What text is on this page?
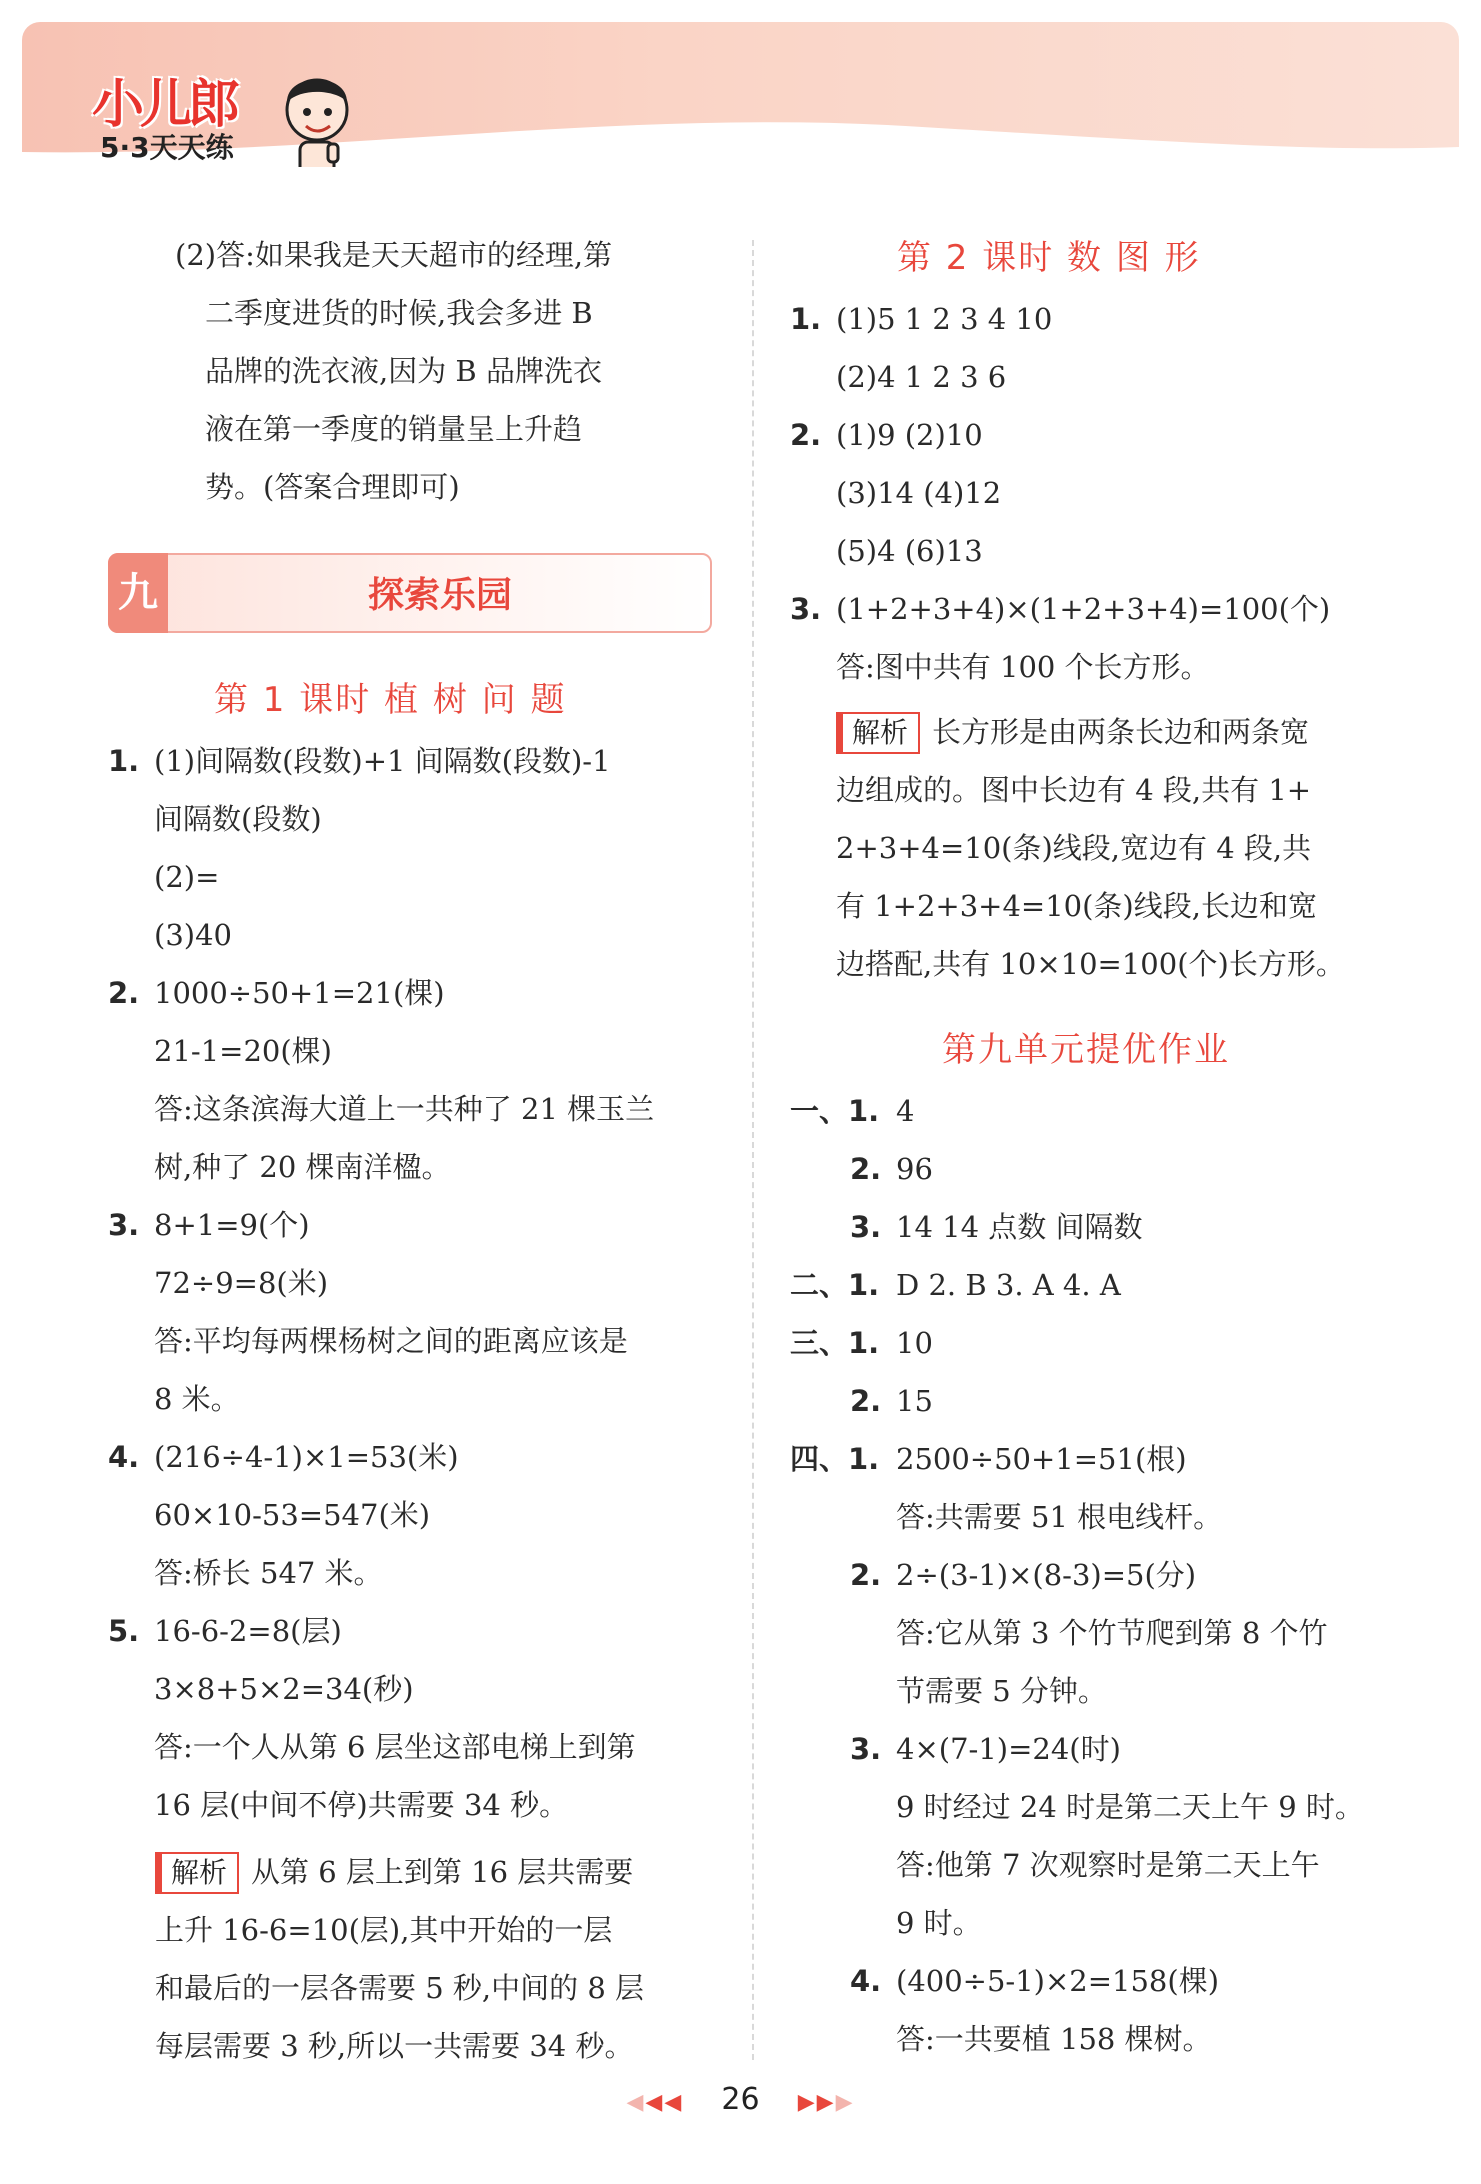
小儿郎
5·3天天练
(2)答:如果我是天天超市的经理,第
二季度进货的时候,我会多进 B
品牌的洗衣液,因为 B 品牌洗衣
液在第一季度的销量呈上升趋
势。(答案合理即可)
九	探索乐园
第 1 课时 植 树 问 题
1. (1)间隔数(段数)+1 间隔数(段数)-1
间隔数(段数)
(2)=
(3)40
2. 1000÷50+1=21(棵)
21-1=20(棵)
答:这条滨海大道上一共种了 21 棵玉兰
树,种了 20 棵南洋楹。
3. 8+1=9(个)
72÷9=8(米)
答:平均每两棵杨树之间的距离应该是
8 米。
4. (216÷4-1)×1=53(米)
60×10-53=547(米)
答:桥长 547 米。
5. 16-6-2=8(层)
3×8+5×2=34(秒)
答:一个人从第 6 层坐这部电梯上到第
16 层(中间不停)共需要 34 秒。
解析 从第 6 层上到第 16 层共需要
上升 16-6=10(层),其中开始的一层
和最后的一层各需要 5 秒,中间的 8 层
每层需要 3 秒,所以一共需要 34 秒。
第 2 课时 数 图 形
1. (1)5 1 2 3 4 10
(2)4 1 2 3 6
2. (1)9 (2)10
(3)14 (4)12
(5)4 (6)13
3. (1+2+3+4)×(1+2+3+4)=100(个)
答:图中共有 100 个长方形。
解析 长方形是由两条长边和两条宽
边组成的。图中长边有 4 段,共有 1+
2+3+4=10(条)线段,宽边有 4 段,共
有 1+2+3+4=10(条)线段,长边和宽
边搭配,共有 10×10=100(个)长方形。
第九单元提优作业
一、1. 4
2. 96
3. 14 14 点数 间隔数
二、1. D 2. B 3. A 4. A
三、1. 10
2. 15
四、1. 2500÷50+1=51(根)
答:共需要 51 根电线杆。
2. 2÷(3-1)×(8-3)=5(分)
答:它从第 3 个竹节爬到第 8 个竹
节需要 5 分钟。
3. 4×(7-1)=24(时)
9 时经过 24 时是第二天上午 9 时。
答:他第 7 次观察时是第二天上午
9 时。
4. (400÷5-1)×2=158(棵)
答:一共要植 158 棵树。
◀◀◀ 26 ▶▶▶
